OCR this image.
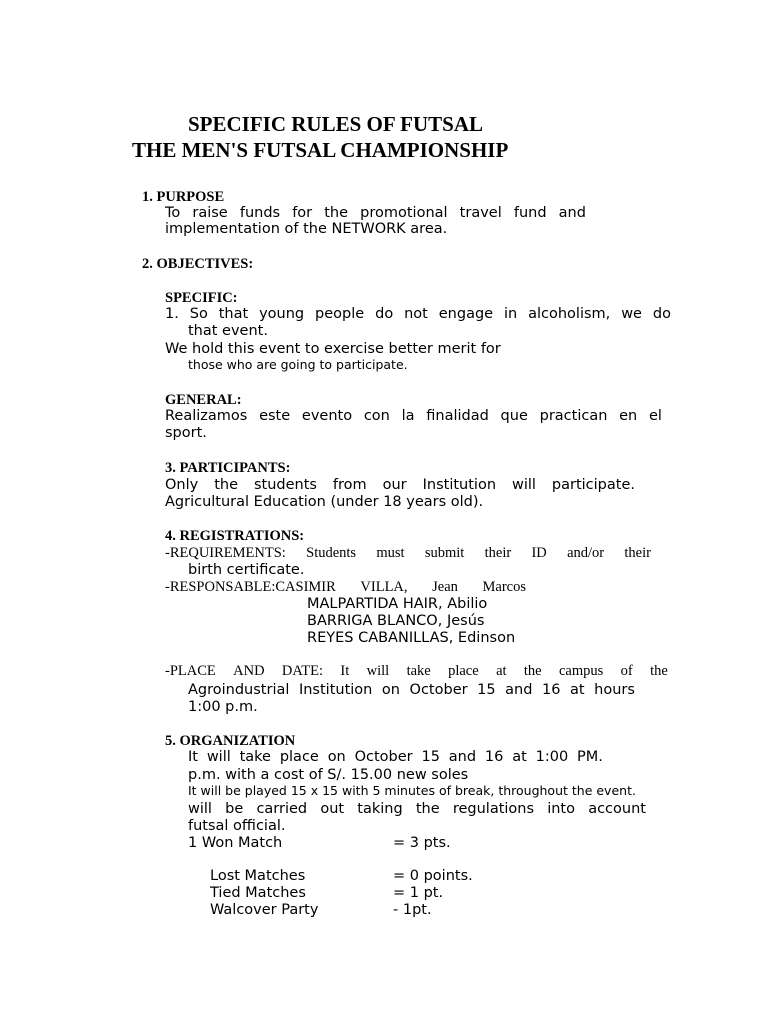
SPECIFIC RULES OF FUTSAL
THE MEN'S FUTSAL CHAMPIONSHIP
1. PURPOSE
To raise funds for the promotional travel fund and
implementation of the NETWORK area.
2. OBJECTIVES:
SPECIFIC:
1. So that young people do not engage in alcoholism, we do
that event.
We hold this event to exercise better merit for
those who are going to participate.
GENERAL:
Realizamos este evento con la finalidad que practican en el
sport.
3. PARTICIPANTS:
Only the students from our Institution will participate.
Agricultural Education (under 18 years old).
4. REGISTRATIONS:
-REQUIREMENTS: Students must submit their ID and/or their
birth certificate.
-RESPONSABLE:CASIMIR VILLA, Jean Marcos
MALPARTIDA HAIR, Abilio
BARRIGA BLANCO, Jesús
REYES CABANILLAS, Edinson
-PLACE AND DATE: It will take place at the campus of the
Agroindustrial Institution on October 15 and 16 at hours
1:00 p.m.
5. ORGANIZATION
It will take place on October 15 and 16 at 1:00 PM.
p.m. with a cost of S/. 15.00 new soles
It will be played 15 x 15 with 5 minutes of break, throughout the event.
will be carried out taking the regulations into account
futsal official.
1 Won Match	= 3 pts.
Lost Matches	= 0 points.
Tied Matches	= 1 pt.
Walcover Party	- 1pt.
